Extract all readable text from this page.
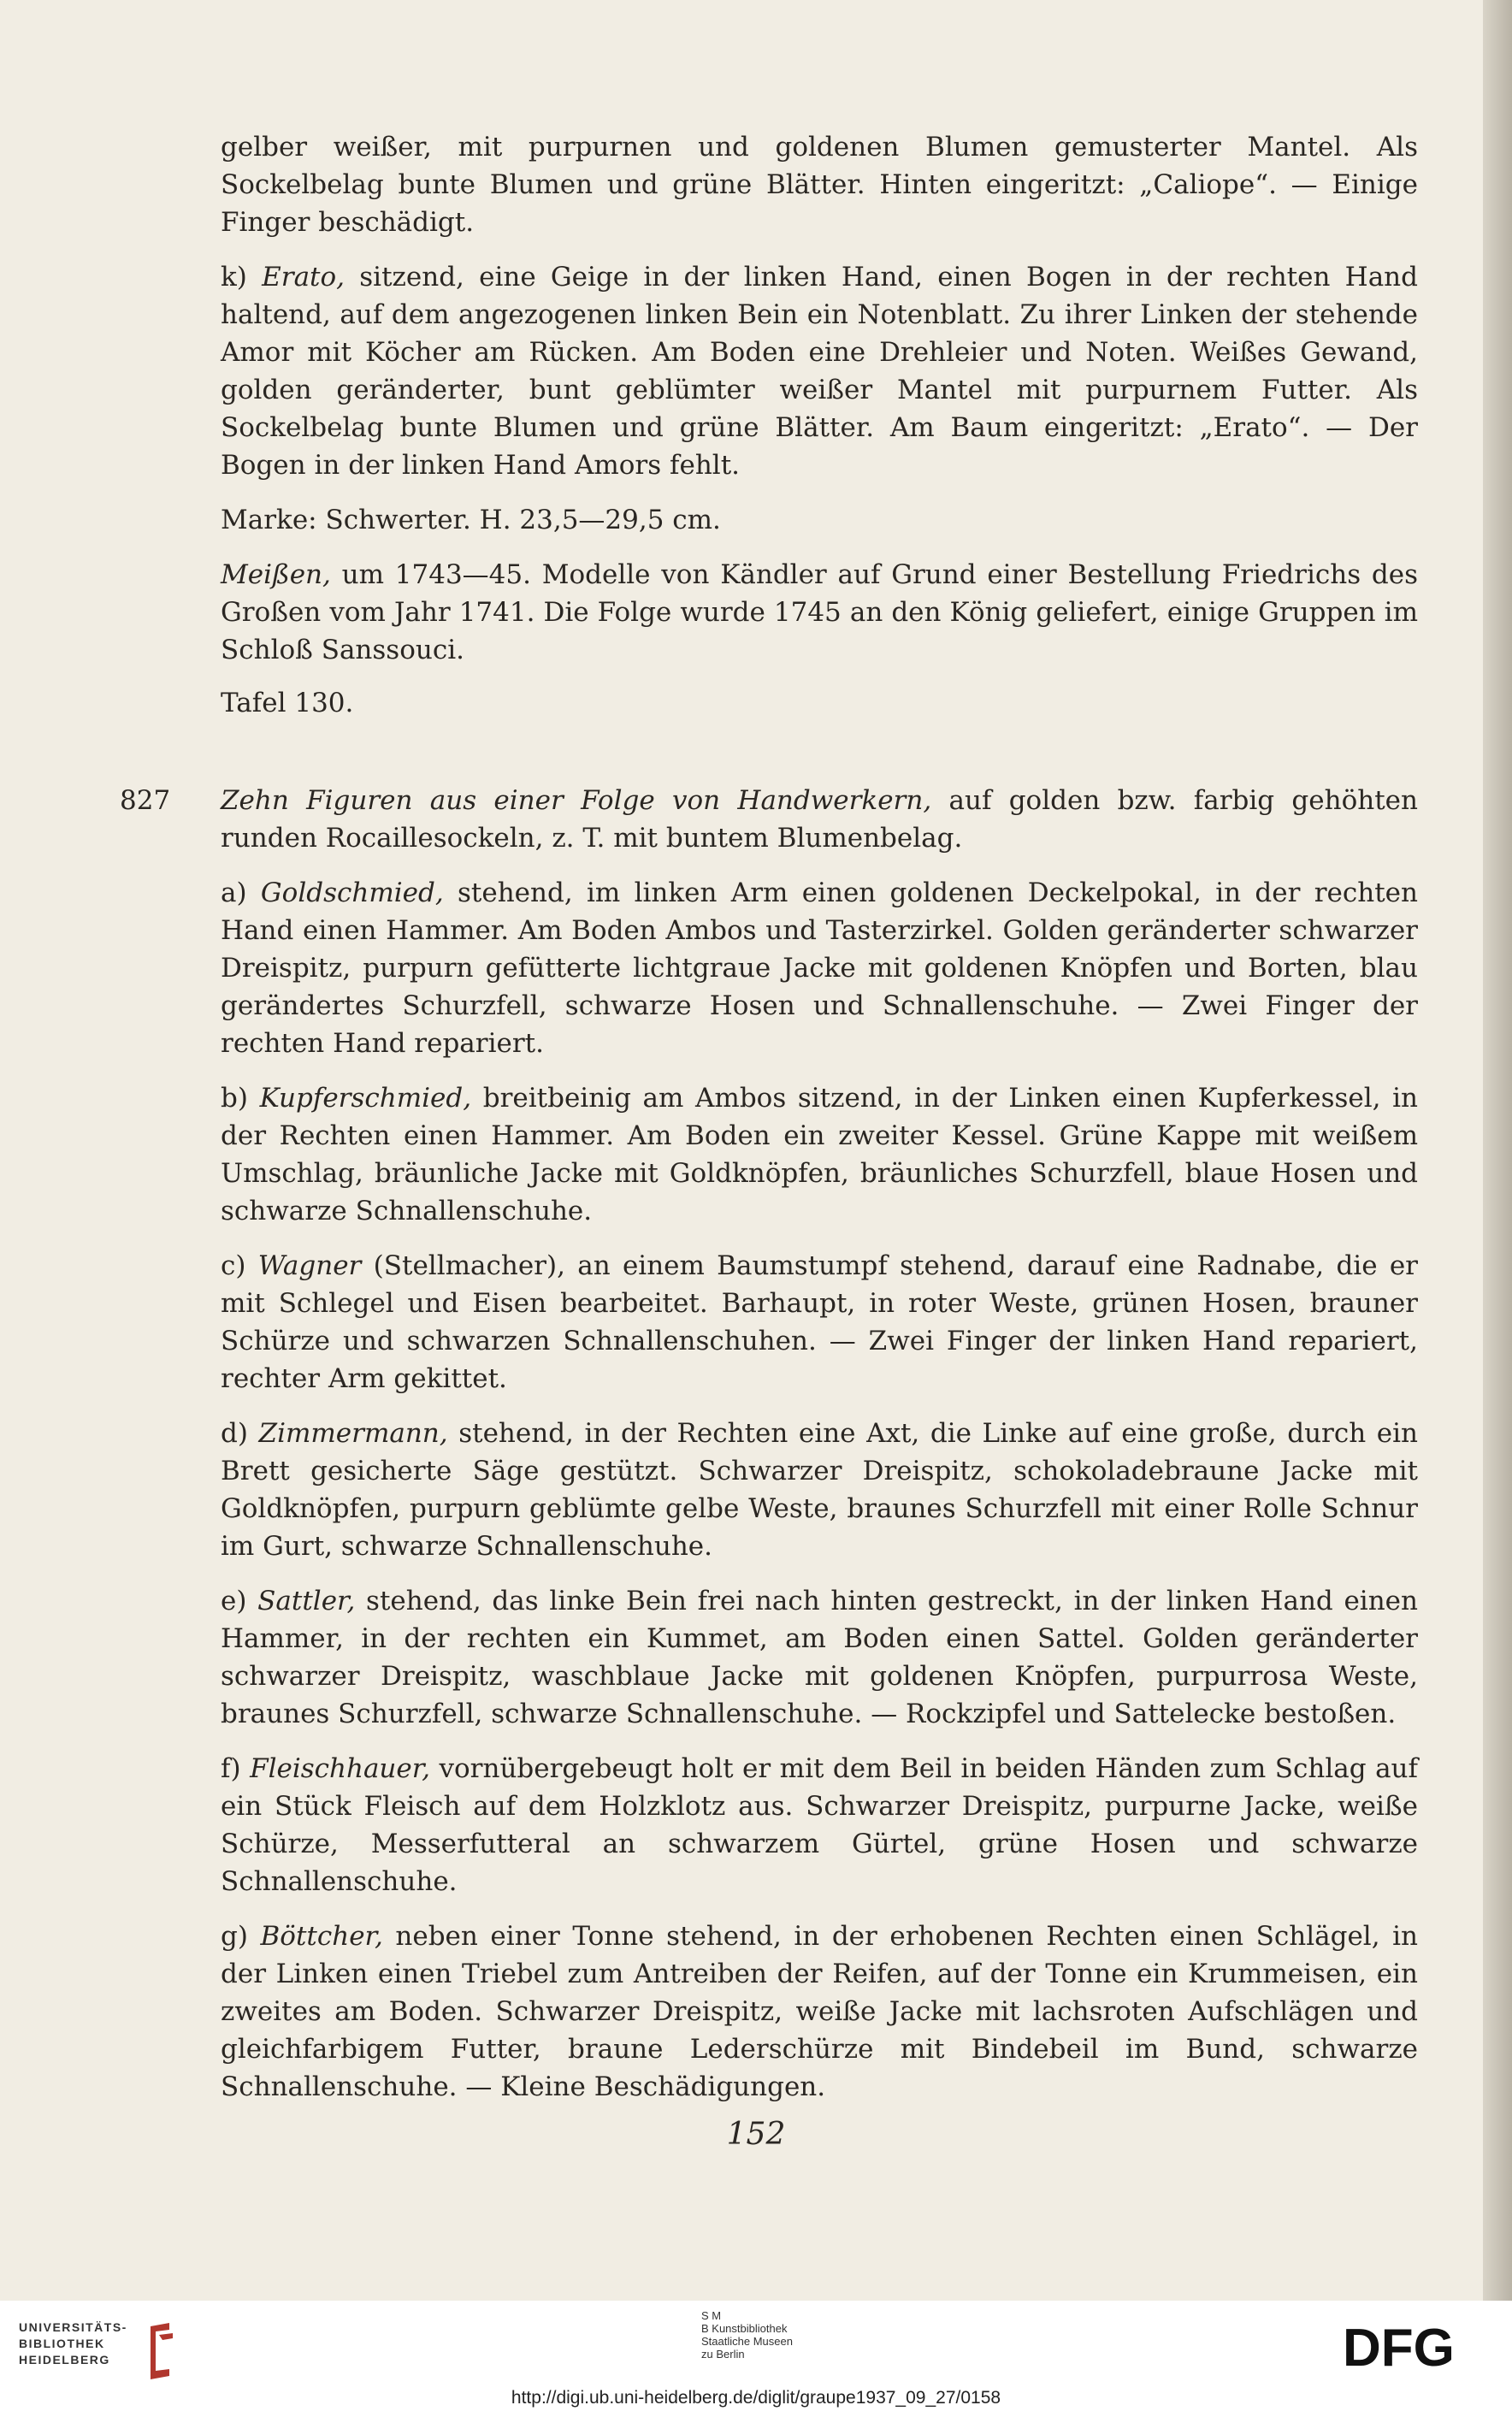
gelber weißer, mit purpurnen und goldenen Blumen gemusterter Mantel. Als Sockelbelag bunte Blumen und grüne Blätter. Hinten eingeritzt: „Caliope“. — Einige Finger beschädigt.

k) Erato, sitzend, eine Geige in der linken Hand, einen Bogen in der rechten Hand haltend, auf dem angezogenen linken Bein ein Notenblatt. Zu ihrer Linken der stehende Amor mit Köcher am Rücken. Am Boden eine Drehleier und Noten. Weißes Gewand, golden geränderter, bunt geblümter weißer Mantel mit purpurnem Futter. Als Sockelbelag bunte Blumen und grüne Blätter. Am Baum eingeritzt: „Erato“. — Der Bogen in der linken Hand Amors fehlt.

Marke: Schwerter. H. 23,5—29,5 cm.

Meißen, um 1743—45. Modelle von Kändler auf Grund einer Bestellung Friedrichs des Großen vom Jahr 1741. Die Folge wurde 1745 an den König geliefert, einige Gruppen im Schloß Sanssouci.

Tafel 130.

827 Zehn Figuren aus einer Folge von Handwerkern, auf golden bzw. farbig gehöhten runden Rocaillesockeln, z. T. mit buntem Blumenbelag.

a) Goldschmied, stehend, im linken Arm einen goldenen Deckelpokal, in der rechten Hand einen Hammer. Am Boden Ambos und Tasterzirkel. Golden geränderter schwarzer Dreispitz, purpurn gefütterte lichtgraue Jacke mit goldenen Knöpfen und Borten, blau gerändertes Schurzfell, schwarze Hosen und Schnallenschuhe. — Zwei Finger der rechten Hand repariert.

b) Kupferschmied, breitbeinig am Ambos sitzend, in der Linken einen Kupferkessel, in der Rechten einen Hammer. Am Boden ein zweiter Kessel. Grüne Kappe mit weißem Umschlag, bräunliche Jacke mit Goldknöpfen, bräunliches Schurzfell, blaue Hosen und schwarze Schnallenschuhe.

c) Wagner (Stellmacher), an einem Baumstumpf stehend, darauf eine Radnabe, die er mit Schlegel und Eisen bearbeitet. Barhaupt, in roter Weste, grünen Hosen, brauner Schürze und schwarzen Schnallenschuhen. — Zwei Finger der linken Hand repariert, rechter Arm gekittet.

d) Zimmermann, stehend, in der Rechten eine Axt, die Linke auf eine große, durch ein Brett gesicherte Säge gestützt. Schwarzer Dreispitz, schokoladebraune Jacke mit Goldknöpfen, purpurn geblümte gelbe Weste, braunes Schurzfell mit einer Rolle Schnur im Gurt, schwarze Schnallenschuhe.

e) Sattler, stehend, das linke Bein frei nach hinten gestreckt, in der linken Hand einen Hammer, in der rechten ein Kummet, am Boden einen Sattel. Golden geränderter schwarzer Dreispitz, waschblaue Jacke mit goldenen Knöpfen, purpurrosa Weste, braunes Schurzfell, schwarze Schnallenschuhe. — Rockzipfel und Sattelecke bestoßen.

f) Fleischhauer, vornübergebeugt holt er mit dem Beil in beiden Händen zum Schlag auf ein Stück Fleisch auf dem Holzklotz aus. Schwarzer Dreispitz, purpurne Jacke, weiße Schürze, Messerfutteral an schwarzem Gürtel, grüne Hosen und schwarze Schnallenschuhe.

g) Böttcher, neben einer Tonne stehend, in der erhobenen Rechten einen Schlägel, in der Linken einen Triebel zum Antreiben der Reifen, auf der Tonne ein Krummeisen, ein zweites am Boden. Schwarzer Dreispitz, weiße Jacke mit lachsroten Aufschlägen und gleichfarbigem Futter, braune Lederschürze mit Bindebeil im Bund, schwarze Schnallenschuhe. — Kleine Beschädigungen.

152
UNIVERSITÄTS-
BIBLIOTHEK
HEIDELBERG
S M
B Kunstbibliothek
Staatliche Museen
zu Berlin	DFG
http://digi.ub.uni-heidelberg.de/diglit/graupe1937_09_27/0158
